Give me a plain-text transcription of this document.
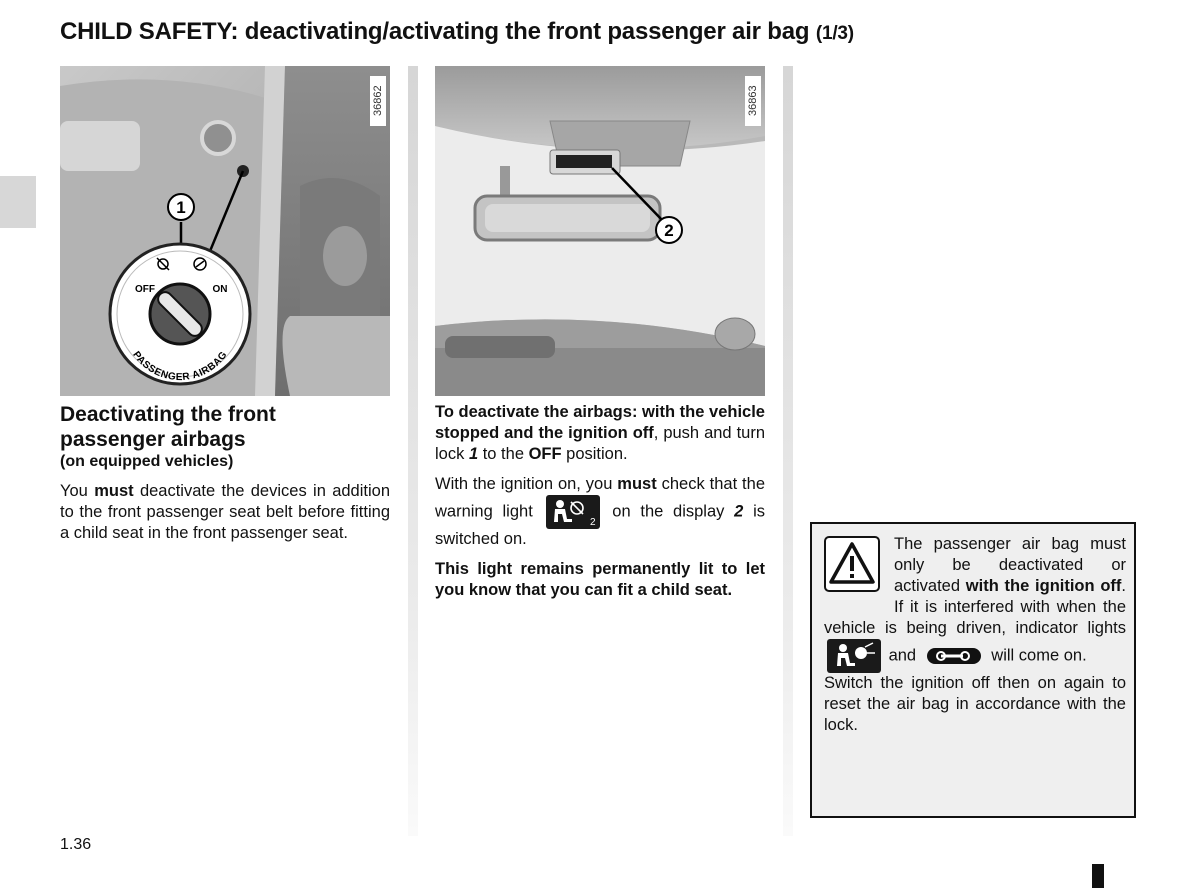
CHILD SAFETY: deactivating/activating the front passenger air bag (1/3)
1
OFF	ON
PASSENGER AIRBAG
36862
2
36863
Deactivating the front
passenger airbags
(on equipped vehicles)

You must deactivate the devices in addition to the front passenger seat belt before fitting a child seat in the front passenger seat.

To deactivate the airbags: with the vehicle stopped and the ignition off, push and turn lock 1 to the OFF position.

With the ignition on, you must check that the warning light
2
on the display 2 is switched on.

This light remains permanently lit to let you know that you can fit a child seat.

The passenger air bag must only be deactivated or activated with the ignition off. If it is interfered with when the vehicle is being driven, indicator lights  and	will come on.

Switch the ignition off then on again to reset the air bag in accordance with the lock.

1.36
